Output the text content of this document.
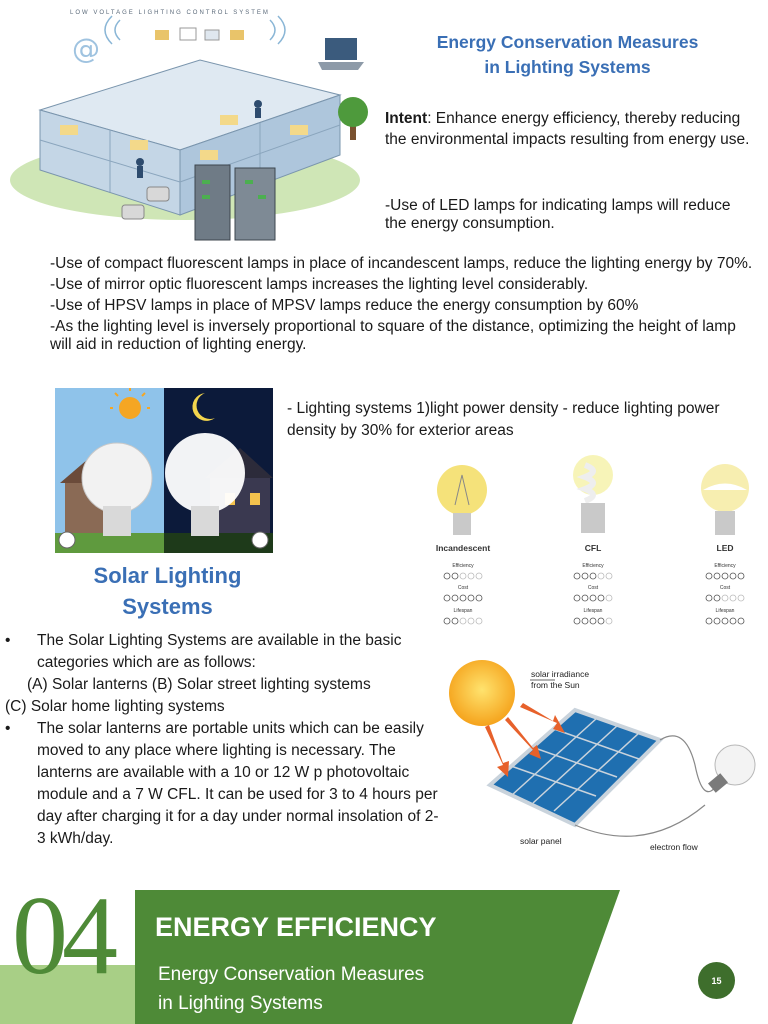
@
LOW VOLTAGE LIGHTING CONTROL SYSTEM
Energy Conservation Measures
in Lighting Systems
Intent: Enhance energy efficiency, thereby reducing the environmental impacts resulting from energy use.
-Use of LED lamps for indicating lamps will reduce the energy consumption.
-Use of compact fluorescent lamps in place of incandescent lamps, reduce the lighting energy by 70%.
-Use of mirror optic fluorescent lamps increases the lighting level considerably.
-Use of HPSV lamps in place of MPSV lamps reduce the energy consumption by 60%
-As the lighting level is inversely proportional to square of the distance, optimizing the height of lamp will aid in reduction of lighting energy.
- Lighting systems 1)light power density - reduce lighting power density by 30% for exterior areas
Incandescent	CFL	LED
Efficiency	Efficiency	Efficiency
Cost	Cost	Cost
Lifespan	Lifespan	Lifespan
Solar Lighting
Systems
• The Solar Lighting Systems are available in the basic categories which are as follows:
(A) Solar lanterns (B) Solar street lighting systems
(C) Solar home lighting systems
• The solar lanterns are portable units which can be easily moved to any place where lighting is necessary. The lanterns are available with a 10 or 12 W p photovoltaic module and a 7 W CFL. It can be used for 3 to 4 hours per day after charging it for a day under normal insolation of 2-3 kWh/day.
solar irradiance
from the Sun
solar panel
electron flow
04 ENERGY EFFICIENCY
Energy Conservation Measures
in Lighting Systems
15
